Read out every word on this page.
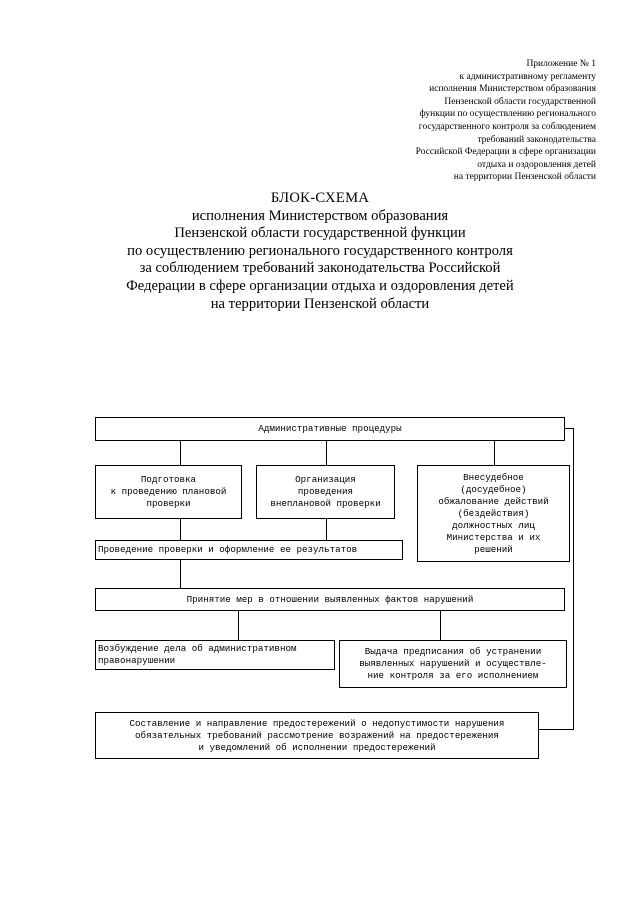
Приложение № 1
к административному регламенту
исполнения Министерством образования
Пензенской области государственной
функции по осуществлению регионального
государственного контроля за соблюдением
требований законодательства
Российской Федерации в сфере организации
отдыха и оздоровления детей
на территории Пензенской области
БЛОК-СХЕМА
исполнения Министерством образования
Пензенской области государственной функции
по осуществлению регионального государственного контроля
за соблюдением требований законодательства Российской
Федерации в сфере организации отдыха и оздоровления детей
на территории Пензенской области
Административные процедуры
Подготовка
к проведению плановой
проверки
Организация
проведения
внеплановой проверки
Внесудебное
(досудебное)
обжалование действий
(бездействия)
должностных лиц
Министерства и их
решений
Проведение проверки и оформление ее результатов
Принятие мер в отношении выявленных фактов нарушений
Возбуждение дела об административном
правонарушении
Выдача предписания об устранении
выявленных нарушений и осуществле-
ние контроля за его исполнением
Составление и направление предостережений о недопустимости нарушения
обязательных требований рассмотрение возражений на предостережения
и уведомлений об исполнении предостережений
